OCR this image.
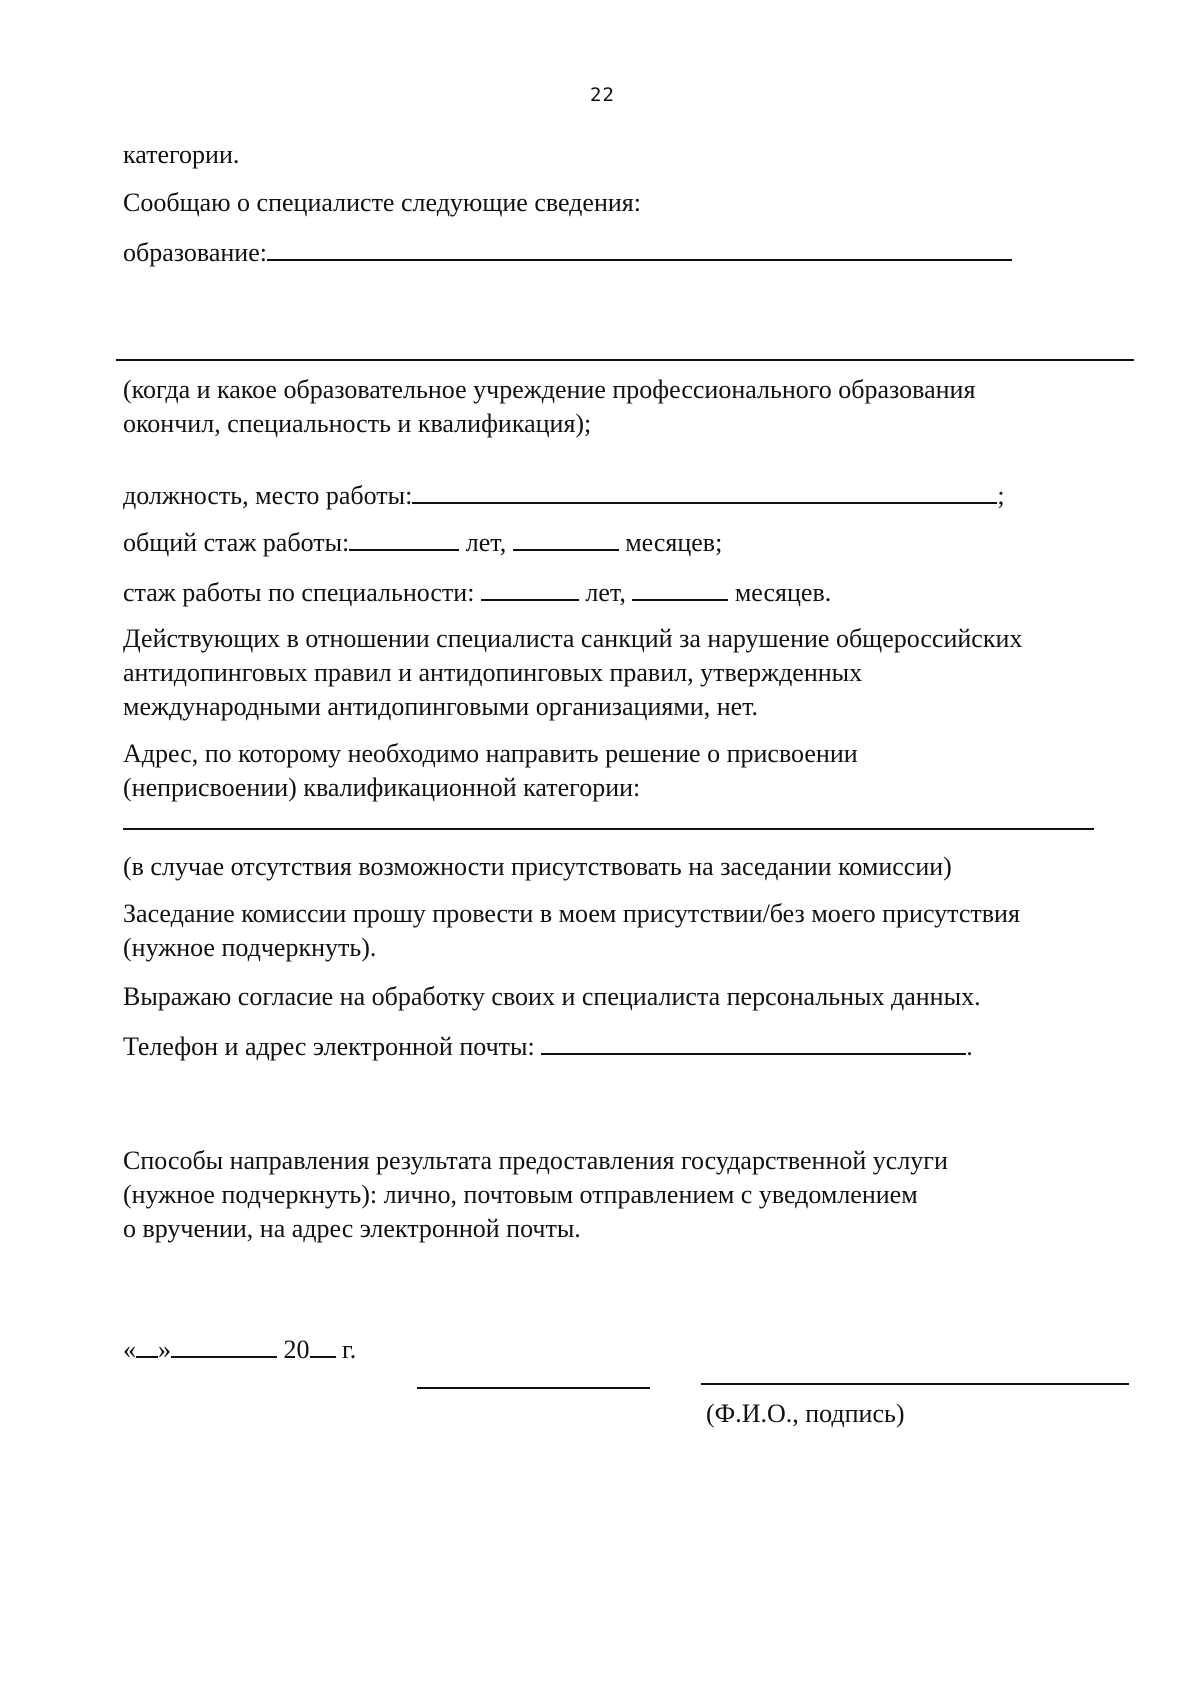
22
категории.
Сообщаю о специалисте следующие сведения:
образование:
(когда и какое образовательное учреждение профессионального образования
окончил, специальность и квалификация);
должность, место работы:	;
общий стаж работы:	лет,	месяцев;
стаж работы по специальности:	лет,	месяцев.
Действующих в отношении специалиста санкций за нарушение общероссийских
антидопинговых правил и антидопинговых правил, утвержденных
международными антидопинговыми организациями, нет.
Адрес, по которому необходимо направить решение о присвоении
(неприсвоении) квалификационной категории:
(в случае отсутствия возможности присутствовать на заседании комиссии)
Заседание комиссии прошу провести в моем присутствии/без моего присутствия
(нужное подчеркнуть).
Выражаю согласие на обработку своих и специалиста персональных данных.
Телефон и адрес электронной почты:	.
Способы направления результата предоставления государственной услуги
(нужное подчеркнуть): лично, почтовым отправлением с уведомлением
о вручении, на адрес электронной почты.
« »	20 г.
(Ф.И.О., подпись)
